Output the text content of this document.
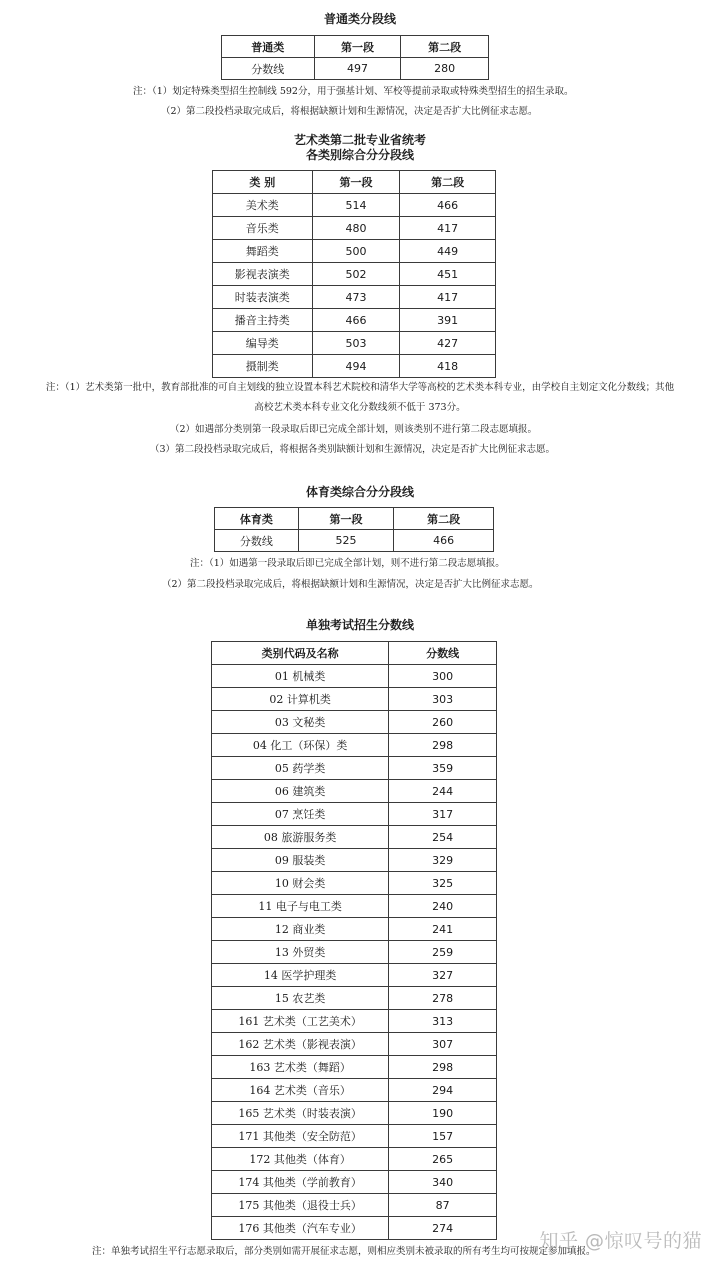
普通类分段线
普通类	第一段	第二段
分数线	497	280

注：（1）划定特殊类型招生控制线 592分，用于强基计划、军校等提前录取或特殊类型招生的招生录取。

（2）第二段投档录取完成后，将根据缺额计划和生源情况，决定是否扩大比例征求志愿。

艺术类第二批专业省统考
各类别综合分分段线
类 别	第一段	第二段
美术类	514	466
音乐类	480	417
舞蹈类	500	449
影视表演类	502	451
时装表演类	473	417
播音主持类	466	391
编导类	503	427
摄制类	494	418

注：（1）艺术类第一批中，教育部批准的可自主划线的独立设置本科艺术院校和清华大学等高校的艺术类本科专业，由学校自主划定文化分数线；其他
高校艺术类本科专业文化分数线须不低于 373分。

（2）如遇部分类别第一段录取后即已完成全部计划，则该类别不进行第二段志愿填报。

（3）第二段投档录取完成后，将根据各类别缺额计划和生源情况，决定是否扩大比例征求志愿。

体育类综合分分段线
体育类	第一段	第二段
分数线	525	466

注：（1）如遇第一段录取后即已完成全部计划，则不进行第二段志愿填报。

（2）第二段投档录取完成后，将根据缺额计划和生源情况，决定是否扩大比例征求志愿。

单独考试招生分数线
类别代码及名称	分数线
01 机械类	300
02 计算机类	303
03 文秘类	260
04 化工（环保）类	298
05 药学类	359
06 建筑类	244
07 烹饪类	317
08 旅游服务类	254
09 服装类	329
10 财会类	325
11 电子与电工类	240
12 商业类	241
13 外贸类	259
14 医学护理类	327
15 农艺类	278
161 艺术类（工艺美术）	313
162 艺术类（影视表演）	307
163 艺术类（舞蹈）	298
164 艺术类（音乐）	294
165 艺术类（时装表演）	190
171 其他类（安全防范）	157
172 其他类（体育）	265
174 其他类（学前教育）	340
175 其他类（退役士兵）	87
176 其他类（汽车专业）	274

注：单独考试招生平行志愿录取后，部分类别如需开展征求志愿，则相应类别未被录取的所有考生均可按规定参加填报。

知乎 @惊叹号的猫
